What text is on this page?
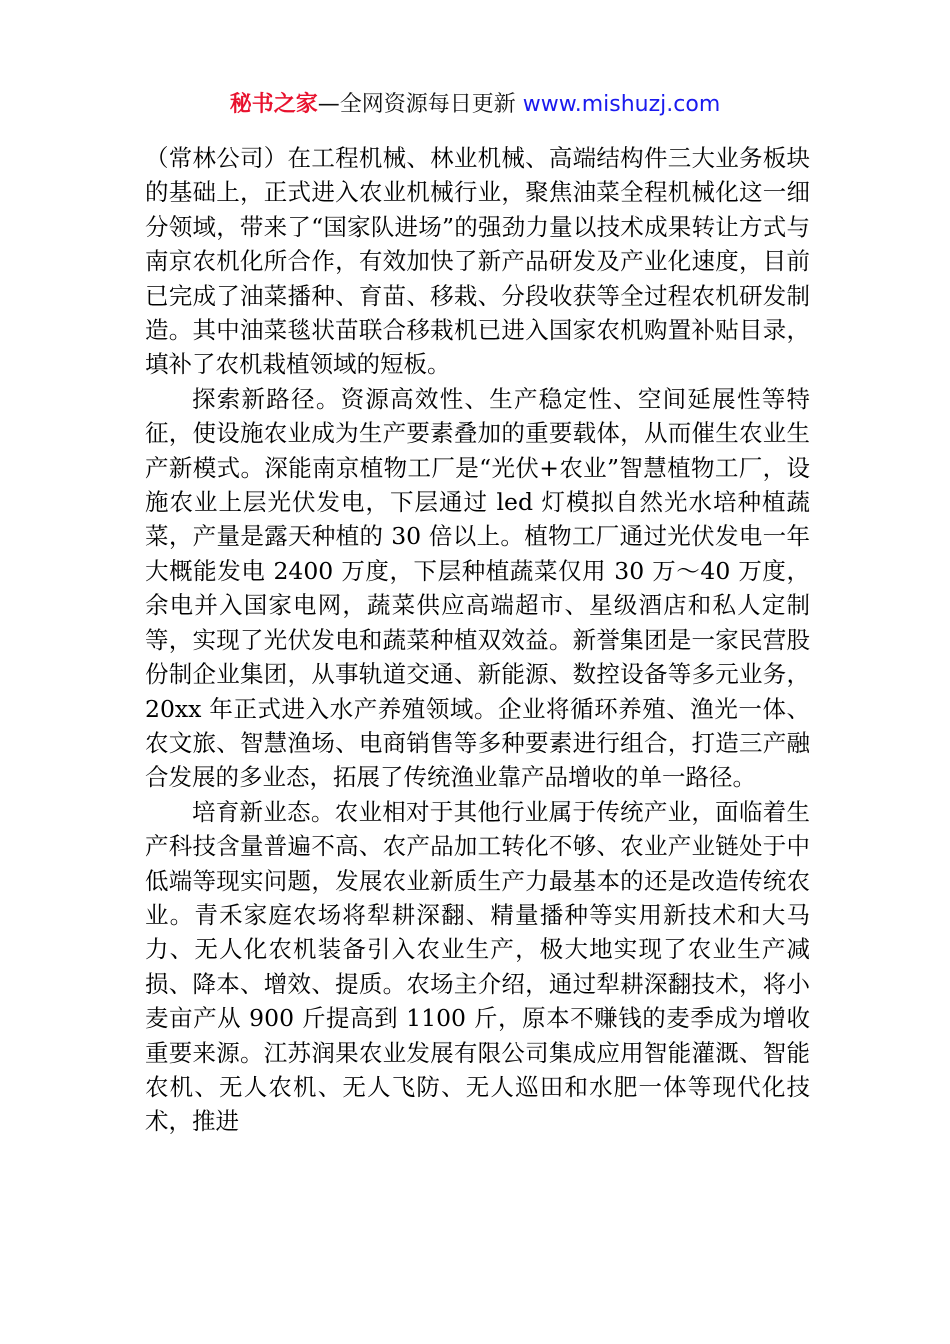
秘书之家—全网资源每日更新 www.mishuzj.com

（常林公司）在工程机械、林业机械、高端结构件三大业务板块的基础上，正式进入农业机械行业，聚焦油菜全程机械化这一细分领域，带来了“国家队进场”的强劲力量以技术成果转让方式与南京农机化所合作，有效加快了新产品研发及产业化速度，目前已完成了油菜播种、育苗、移栽、分段收获等全过程农机研发制造。其中油菜毯状苗联合移栽机已进入国家农机购置补贴目录，填补了农机栽植领域的短板。

探索新路径。资源高效性、生产稳定性、空间延展性等特征，使设施农业成为生产要素叠加的重要载体，从而催生农业生产新模式。深能南京植物工厂是“光伏+农业”智慧植物工厂，设施农业上层光伏发电，下层通过 led 灯模拟自然光水培种植蔬菜，产量是露天种植的 30 倍以上。植物工厂通过光伏发电一年大概能发电 2400 万度，下层种植蔬菜仅用 30 万～40 万度，余电并入国家电网，蔬菜供应高端超市、星级酒店和私人定制等，实现了光伏发电和蔬菜种植双效益。新誉集团是一家民营股份制企业集团，从事轨道交通、新能源、数控设备等多元业务，20xx 年正式进入水产养殖领域。企业将循环养殖、渔光一体、农文旅、智慧渔场、电商销售等多种要素进行组合，打造三产融合发展的多业态，拓展了传统渔业靠产品增收的单一路径。

培育新业态。农业相对于其他行业属于传统产业，面临着生产科技含量普遍不高、农产品加工转化不够、农业产业链处于中低端等现实问题，发展农业新质生产力最基本的还是改造传统农业。青禾家庭农场将犁耕深翻、精量播种等实用新技术和大马力、无人化农机装备引入农业生产，极大地实现了农业生产减损、降本、增效、提质。农场主介绍，通过犁耕深翻技术，将小麦亩产从 900 斤提高到 1100 斤，原本不赚钱的麦季成为增收重要来源。江苏润果农业发展有限公司集成应用智能灌溉、智能农机、无人农机、无人飞防、无人巡田和水肥一体等现代化技术，推进
